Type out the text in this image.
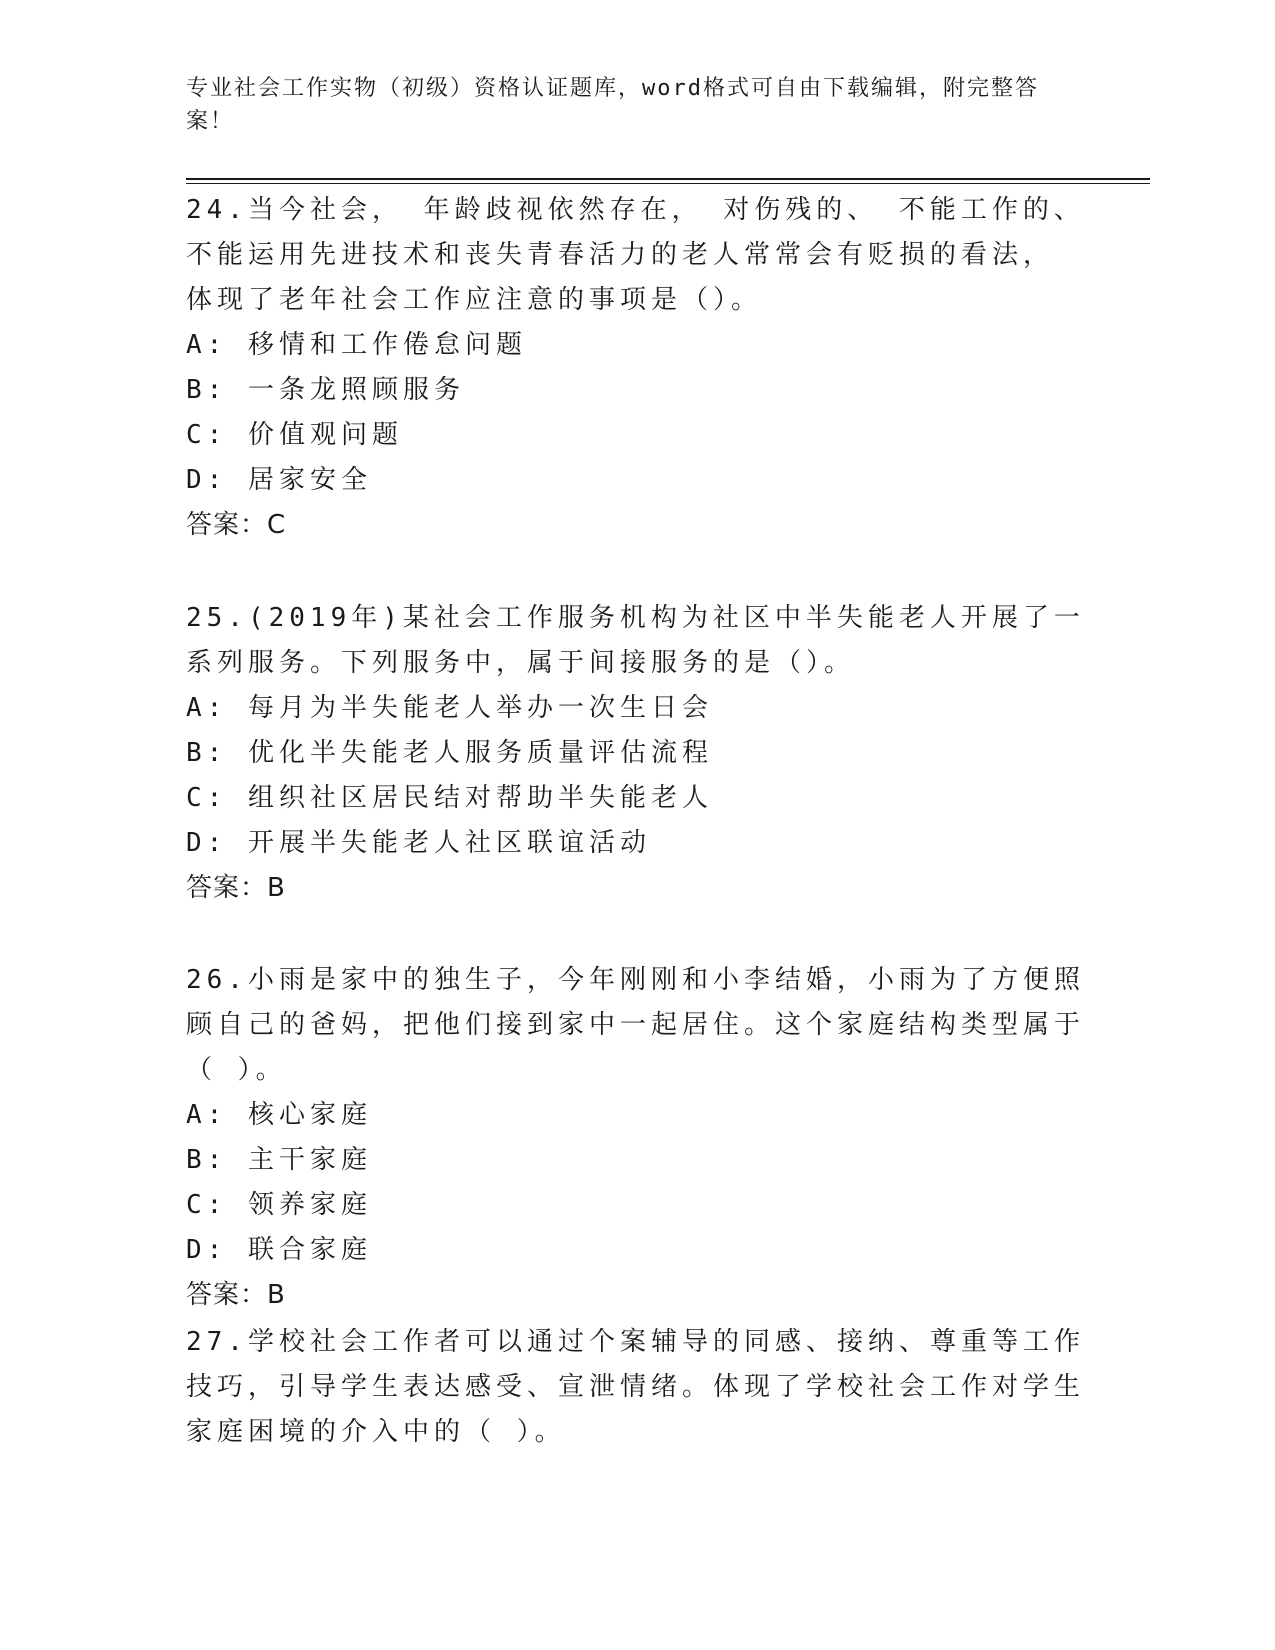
专业社会工作实物（初级）资格认证题库，word格式可自由下载编辑，附完整答案！

24.当今社会， 年龄歧视依然存在， 对伤残的、 不能工作的、 不能运用先进技术和丧失青春活力的老人常常会有贬损的看法， 体现了老年社会工作应注意的事项是（）。

A: 移情和工作倦怠问题

B: 一条龙照顾服务

C: 价值观问题

D: 居家安全

答案：C

25.(2019年)某社会工作服务机构为社区中半失能老人开展了一系列服务。下列服务中，属于间接服务的是（）。

A: 每月为半失能老人举办一次生日会

B: 优化半失能老人服务质量评估流程

C: 组织社区居民结对帮助半失能老人

D: 开展半失能老人社区联谊活动

答案：B

26.小雨是家中的独生子，今年刚刚和小李结婚，小雨为了方便照顾自己的爸妈，把他们接到家中一起居住。这个家庭结构类型属于（ ）。

A: 核心家庭

B: 主干家庭

C: 领养家庭

D: 联合家庭

答案：B

27.学校社会工作者可以通过个案辅导的同感、接纳、尊重等工作技巧，引导学生表达感受、宣泄情绪。体现了学校社会工作对学生家庭困境的介入中的（ ）。
